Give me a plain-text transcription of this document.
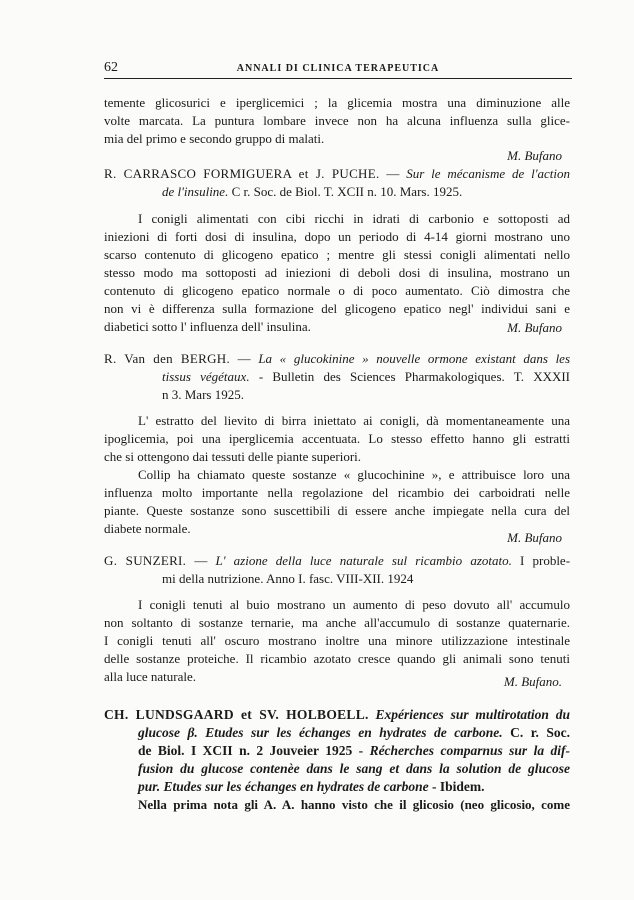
62	ANNALI DI CLINICA TERAPEUTICA
temente glicosurici e iperglicemici ; la glicemia mostra una diminuzione alle
volte marcata. La puntura lombare invece non ha alcuna influenza sulla glice-
mia del primo e secondo gruppo di malati.
M. Bufano
R. CARRASCO FORMIGUERA et J. PUCHE. — Sur le mécanisme de l'action
de l'insuline. C r. Soc. de Biol. T. XCII n. 10. Mars. 1925.
I conigli alimentati con cibi ricchi in idrati di carbonio e sottoposti ad
iniezioni di forti dosi di insulina, dopo un periodo di 4-14 giorni mostrano uno
scarso contenuto di glicogeno epatico ; mentre gli stessi conigli alimentati nello
stesso modo ma sottoposti ad iniezioni di deboli dosi di insulina, mostrano un
contenuto di glicogeno epatico normale o di poco aumentato. Ciò dimostra che
non vi è differenza sulla formazione del glicogeno epatico negl' individui sani e
diabetici sotto l' influenza dell' insulina.	M. Bufano
R. Van den BERGH. — La « glucokinine » nouvelle ormone existant dans les
tissus végétaux. - Bulletin des Sciences Pharmakologiques. T. XXXII
n 3. Mars 1925.
L' estratto del lievito di birra iniettato ai conigli, dà momentaneamente una
ipoglicemia, poi una iperglicemia accentuata. Lo stesso effetto hanno gli estratti
che si ottengono dai tessuti delle piante superiori.
Collip ha chiamato queste sostanze « glucochinine », e attribuisce loro una
influenza molto importante nella regolazione del ricambio dei carboidrati nelle
piante. Queste sostanze sono suscettibili di essere anche impiegate nella cura del
diabete normale.
M. Bufano
G. SUNZERI. — L' azione della luce naturale sul ricambio azotato. I proble-
mi della nutrizione. Anno I. fasc. VIII-XII. 1924
I conigli tenuti al buio mostrano un aumento di peso dovuto all' accumulo
non soltanto di sostanze ternarie, ma anche all'accumulo di sostanze quaternarie.
I conigli tenuti all' oscuro mostrano inoltre una minore utilizzazione intestinale
delle sostanze proteiche. Il ricambio azotato cresce quando gli animali sono tenuti
alla luce naturale.	M. Bufano.
CH. LUNDSGAARD et SV. HOLBOELL. Expériences sur multirotation du
glucose β. Etudes sur les échanges en hydrates de carbone. C. r. Soc.
de Biol. I XCII n. 2 Jouveier 1925 - Récherches comparnus sur la dif-
fusion du glucose contenèe dans le sang et dans la solution de glucose
pur. Etudes sur les échanges en hydrates de carbone - Ibidem.
Nella prima nota gli A. A. hanno visto che il glicosio (neo glicosio, come
